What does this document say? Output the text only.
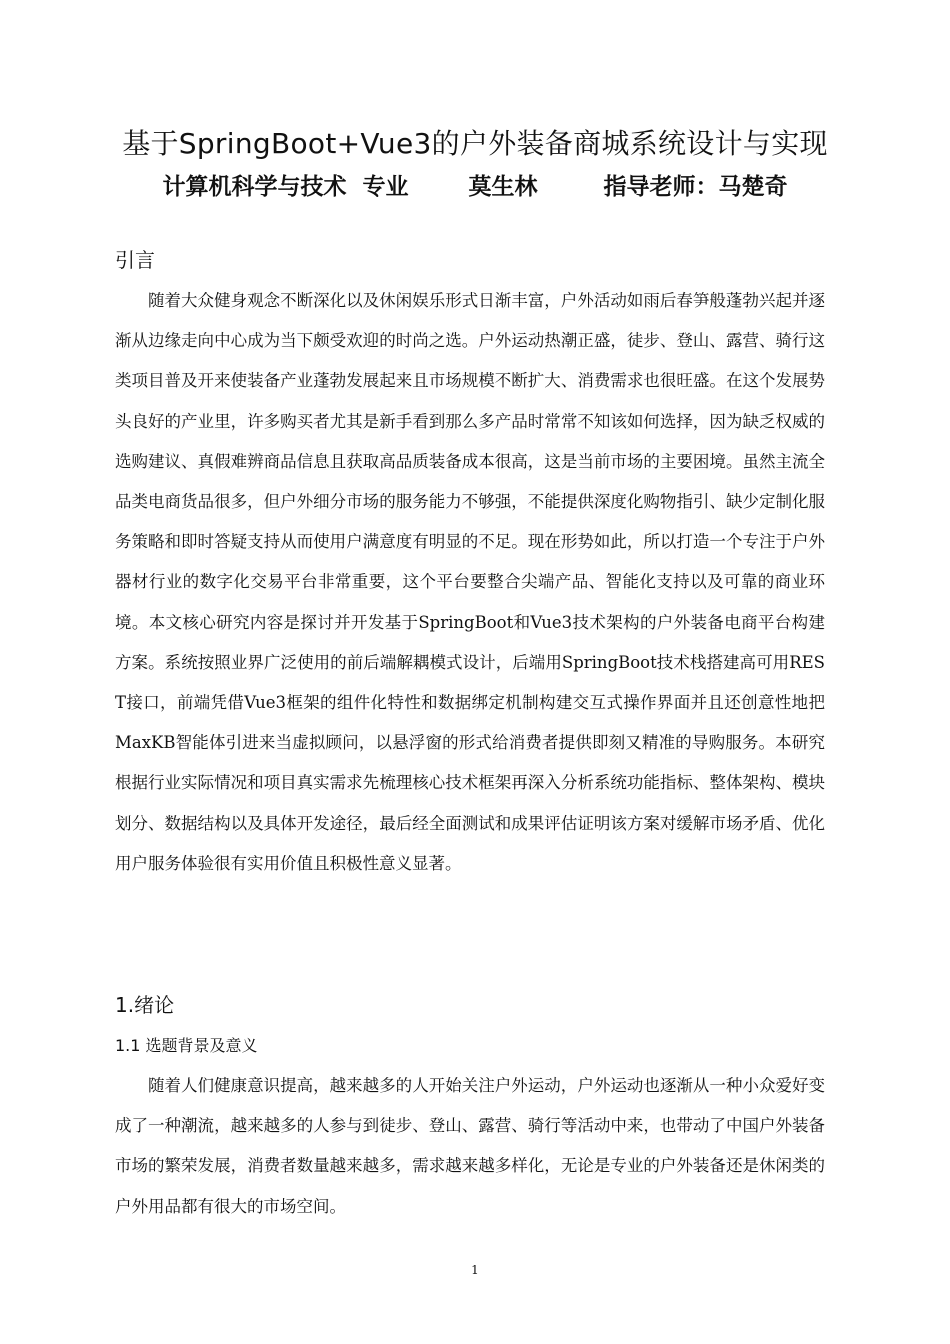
基于SpringBoot+Vue3的户外装备商城系统设计与实现
计算机科学与技术 专业	莫生林	指导老师：马楚奇
引言

随着大众健身观念不断深化以及休闲娱乐形式日渐丰富，户外活动如雨后春笋般蓬勃兴起并逐渐从边缘走向中心成为当下颇受欢迎的时尚之选。户外运动热潮正盛，徒步、登山、露营、骑行这类项目普及开来使装备产业蓬勃发展起来且市场规模不断扩大、消费需求也很旺盛。在这个发展势头良好的产业里，许多购买者尤其是新手看到那么多产品时常常不知该如何选择，因为缺乏权威的选购建议、真假难辨商品信息且获取高品质装备成本很高，这是当前市场的主要困境。虽然主流全品类电商货品很多，但户外细分市场的服务能力不够强，不能提供深度化购物指引、缺少定制化服务策略和即时答疑支持从而使用户满意度有明显的不足。现在形势如此，所以打造一个专注于户外器材行业的数字化交易平台非常重要，这个平台要整合尖端产品、智能化支持以及可靠的商业环境。本文核心研究内容是探讨并开发基于SpringBoot和Vue3技术架构的户外装备电商平台构建方案。系统按照业界广泛使用的前后端解耦模式设计，后端用SpringBoot技术栈搭建高可用REST接口，前端凭借Vue3框架的组件化特性和数据绑定机制构建交互式操作界面并且还创意性地把MaxKB智能体引进来当虚拟顾问，以悬浮窗的形式给消费者提供即刻又精准的导购服务。本研究根据行业实际情况和项目真实需求先梳理核心技术框架再深入分析系统功能指标、整体架构、模块划分、数据结构以及具体开发途径，最后经全面测试和成果评估证明该方案对缓解市场矛盾、优化用户服务体验很有实用价值且积极性意义显著。

1.绪论
1.1 选题背景及意义

随着人们健康意识提高，越来越多的人开始关注户外运动，户外运动也逐渐从一种小众爱好变成了一种潮流，越来越多的人参与到徒步、登山、露营、骑行等活动中来，也带动了中国户外装备市场的繁荣发展，消费者数量越来越多，需求越来越多样化，无论是专业的户外装备还是休闲类的户外用品都有很大的市场空间。

1
